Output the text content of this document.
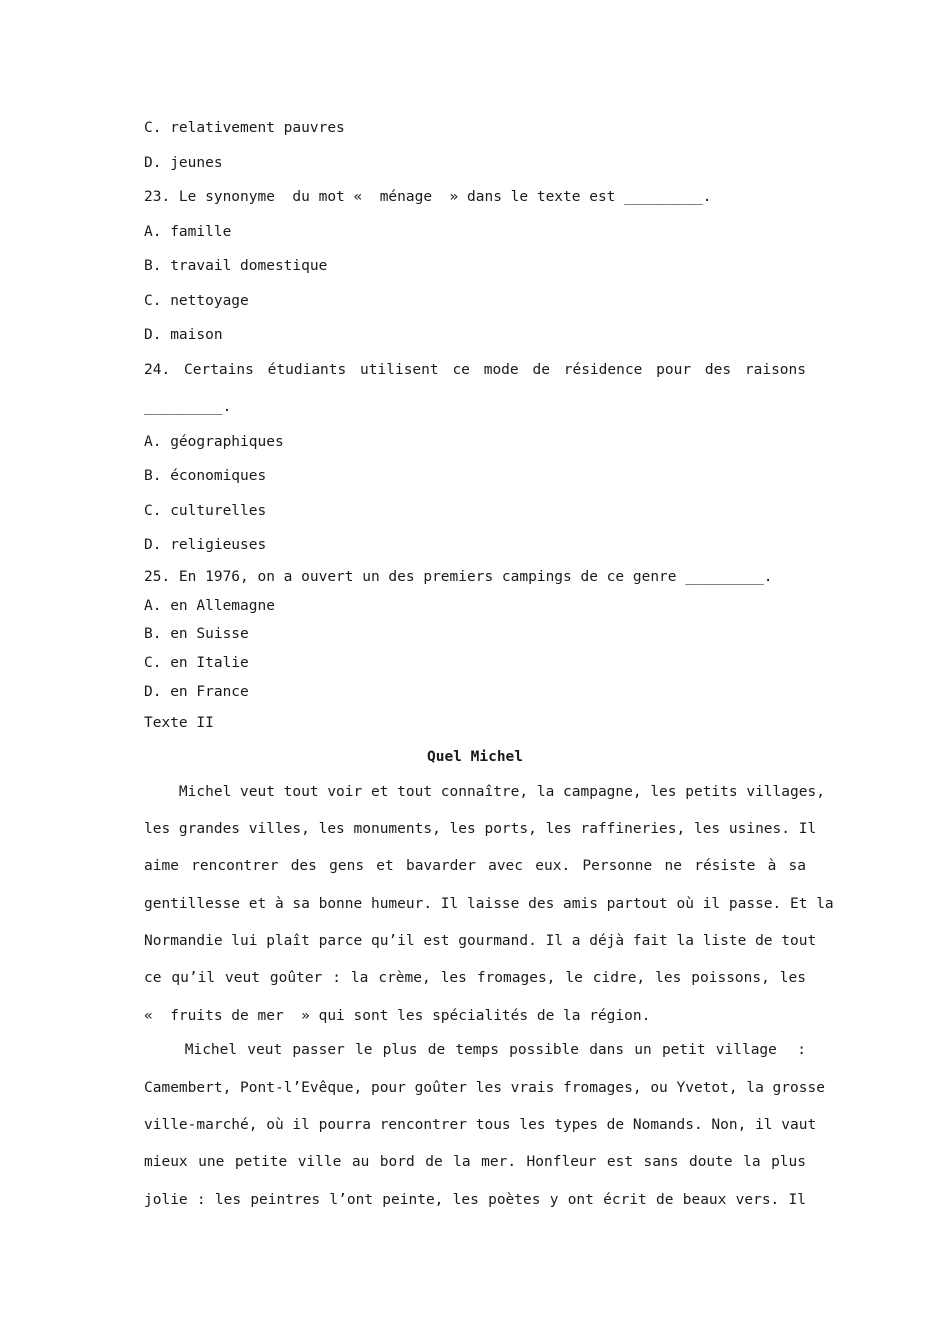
C. relativement pauvres
D. jeunes
23. Le synonyme  du mot «  ménage  » dans le texte est _________.
A. famille
B. travail domestique
C. nettoyage
D. maison
24. Certains étudiants utilisent ce mode de résidence pour des raisons
_________.
A. géographiques
B. économiques
C. culturelles
D. religieuses
25. En 1976, on a ouvert un des premiers campings de ce genre _________.
A. en Allemagne
B. en Suisse
C. en Italie
D. en France
Texte II
Quel Michel
Michel veut tout voir et tout connaître, la campagne, les petits villages,
les grandes villes, les monuments, les ports, les raffineries, les usines. Il
aime rencontrer des gens et bavarder avec eux. Personne ne résiste à sa
gentillesse et à sa bonne humeur. Il laisse des amis partout où il passe. Et la
Normandie lui plaît parce qu’il est gourmand. Il a déjà fait la liste de tout
ce qu’il veut goûter : la crème, les fromages, le cidre, les poissons, les
«  fruits de mer  » qui sont les spécialités de la région.
Michel veut passer le plus de temps possible dans un petit village  :
Camembert, Pont-l’Evêque, pour goûter les vrais fromages, ou Yvetot, la grosse
ville-marché, où il pourra rencontrer tous les types de Nomands. Non, il vaut
mieux une petite ville au bord de la mer. Honfleur est sans doute la plus
jolie : les peintres l’ont peinte, les poètes y ont écrit de beaux vers. Il
